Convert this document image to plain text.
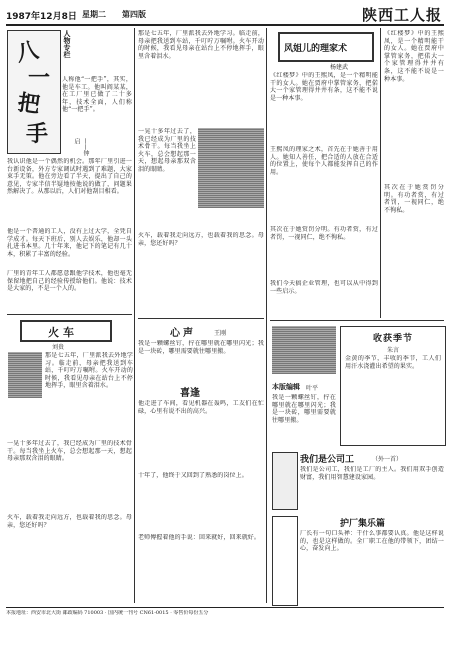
1987年12月8日 星期二 第四版	陕西工人报
八
一
把
手
人物专栏
——钟启
人称他“一把手”，其实，他是车工。他叫阎某某，在工厂里已做了二十多年，技术全面，人们称他“一把手”。
我认识他是一个偶然的机会。那年厂里引进一台新设备，外方专家调试时遇到了难题，大家束手无策。他在旁边看了半天，提出了自己的意见，专家半信半疑地按他说的做了，问题果然解决了。从那以后，人们对他刮目相看。
他是一个普通的工人，没有上过大学，全凭自学成才。每天下班后，别人去娱乐，他却一头扎进书本里。几十年来，他记下的笔记有几十本，积累了丰富的经验。
厂里的青年工人都愿意跟他学技术，他也毫无保留地把自己的经验传授给他们。他说：技术是大家的，不是一个人的。
火车
刘贵
那是七五年，厂里派我去外地学习。临走前，母亲把我送到车站，千叮咛万嘱咐。火车开动的时候，我看见母亲在站台上不停地挥手，眼里含着泪水。
一晃十多年过去了，我已经成为厂里的技术骨干。每当我坐上火车，总会想起那一天，想起母亲那双含泪的眼睛。
火车，载着我走向远方，也载着我的思念。母亲，您还好吗？
那是七五年，厂里派我去外地学习。临走前，母亲把我送到车站，千叮咛万嘱咐。火车开动的时候，我看见母亲在站台上不停地挥手，眼里含着泪水。
一晃十多年过去了，我已经成为厂里的技术骨干。每当我坐上火车，总会想起那一天，想起母亲那双含泪的眼睛。
火车，载着我走向远方，也载着我的思念。母亲，您还好吗？
心声	王刚
我是一颗螺丝钉，拧在哪里就在哪里闪光；我是一块砖，哪里需要就往哪里搬。
喜逢
他走进了车间，看见机器在轰鸣，工友们在忙碌，心里有说不出的高兴。
十年了，他终于又回到了熟悉的岗位上。
老师傅握着他的手说：回来就好，回来就好。
风姐儿的理家术
杨建武
《红楼梦》中的王熙凤，是一个精明能干的女人。她在贾府中掌管家务，把偌大一个家管理得井井有条，这不能不说是一种本事。
王熙凤的理家之术，首先在于她善于用人。她知人善任，把合适的人放在合适的位置上，使每个人都能发挥自己的作用。
其次在于她赏罚分明。有功者赏，有过者罚，一视同仁，绝不徇私。
我们今天搞企业管理，也可以从中得到一些启示。
《红楼梦》中的王熙凤，是一个精明能干的女人。她在贾府中掌管家务，把偌大一个家管理得井井有条，这不能不说是一种本事。
其次在于她赏罚分明。有功者赏，有过者罚，一视同仁，绝不徇私。
收获季节
朱言
金黄的季节，丰收的季节，工人们用汗水浇灌出希望的果实。
本版编辑 叶平
我是一颗螺丝钉，拧在哪里就在哪里闪光；我是一块砖，哪里需要就往哪里搬。
我们是公司工	（外一首）
我们是公司工，我们是工厂的主人。我们用双手创造财富，我们用智慧建设家园。
护厂集乐篇
厂长有一句口头禅：干什么事都要认真。他是这样说的，也是这样做的。全厂职工在他的带领下，团结一心，奋发向上。
本报地址：西安市北大街 邮政编码 710003 · 国内统一刊号 CN61-0015 · 零售价每份五分
